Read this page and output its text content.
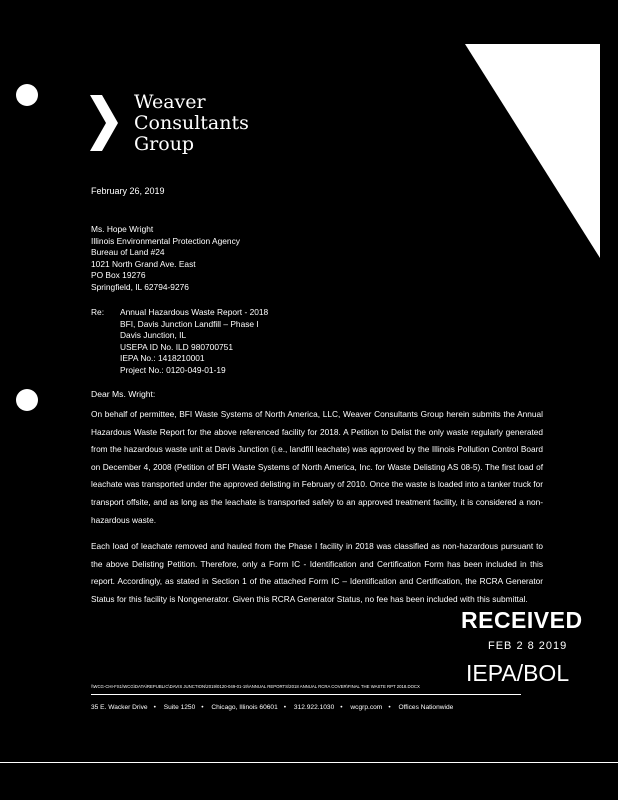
Weaver
Consultants
Group
February 26, 2019
Ms. Hope Wright
Illinois Environmental Protection Agency
Bureau of Land #24
1021 North Grand Ave. East
PO Box 19276
Springfield, IL 62794-9276
Re: Annual Hazardous Waste Report - 2018
BFI, Davis Junction Landfill – Phase I
Davis Junction, IL
USEPA ID No. ILD 980700751
IEPA No.: 1418210001
Project No.: 0120-049-01-19
Dear Ms. Wright:

On behalf of permittee, BFI Waste Systems of North America, LLC, Weaver Consultants Group herein submits the Annual Hazardous Waste Report for the above referenced facility for 2018. A Petition to Delist the only waste regularly generated from the hazardous waste unit at Davis Junction (i.e., landfill leachate) was approved by the Illinois Pollution Control Board on December 4, 2008 (Petition of BFI Waste Systems of North America, Inc. for Waste Delisting AS 08-5). The first load of leachate was transported under the approved delisting in February of 2010. Once the waste is loaded into a tanker truck for transport offsite, and as long as the leachate is transported safely to an approved treatment facility, it is considered a non-hazardous waste.

Each load of leachate removed and hauled from the Phase I facility in 2018 was classified as non-hazardous pursuant to the above Delisting Petition. Therefore, only a Form IC - Identification and Certification Form has been included in this report. Accordingly, as stated in Section 1 of the attached Form IC – Identification and Certification, the RCRA Generator Status for this facility is Nongenerator. Given this RCRA Generator Status, no fee has been included with this submittal.

RECEIVED
FEB 2 8 2019
IEPA/BOL
\\WCG-CHI-FS1\WCG\DATA\REPUBLIC\DAVIS JUNCTION\2019\0120-049-01-19\ANNUAL REPORTS\2018 ANNUAL RCRA COVER\FINAL THE WASTE RPT 2018.DOCX
35 E. Wacker Drive • Suite 1250 • Chicago, Illinois 60601 • 312.922.1030 • wcgrp.com • Offices Nationwide
